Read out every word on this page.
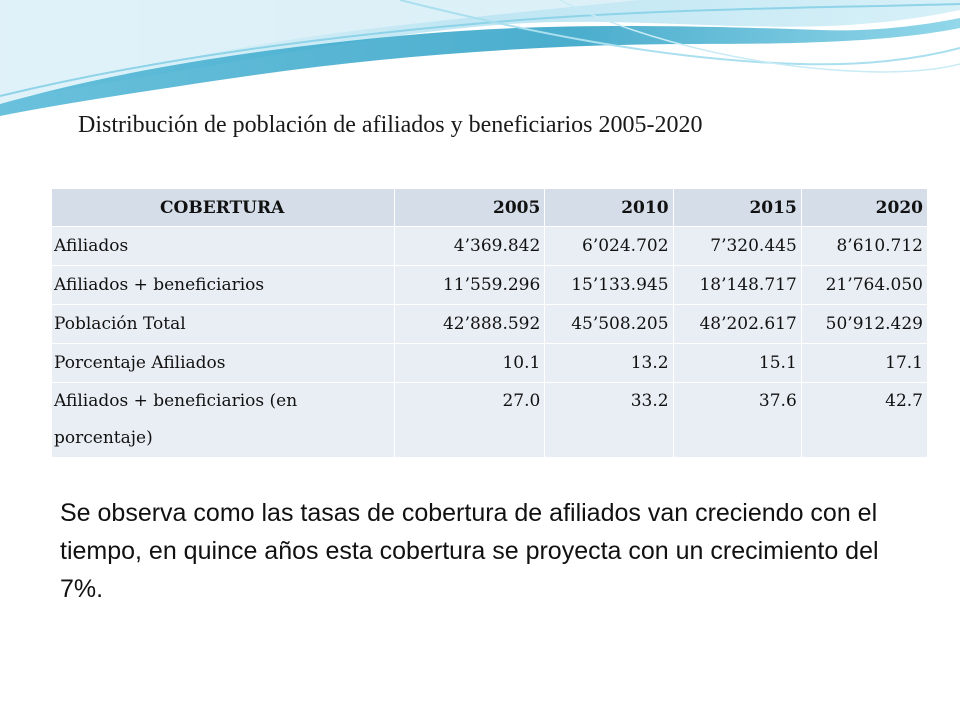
Distribución de población de afiliados y beneficiarios 2005-2020
COBERTURA	2005	2010	2015	2020
Afiliados	4’369.842	6’024.702	7’320.445	8’610.712
Afiliados + beneficiarios	11’559.296	15’133.945	18’148.717	21’764.050
Población Total	42’888.592	45’508.205	48’202.617	50’912.429
Porcentaje Afiliados	10.1	13.2	15.1	17.1
Afiliados + beneficiarios (en porcentaje)	27.0	33.2	37.6	42.7
Se observa como las tasas de cobertura de afiliados van creciendo con el tiempo, en quince años esta cobertura se proyecta con un crecimiento del 7%.
